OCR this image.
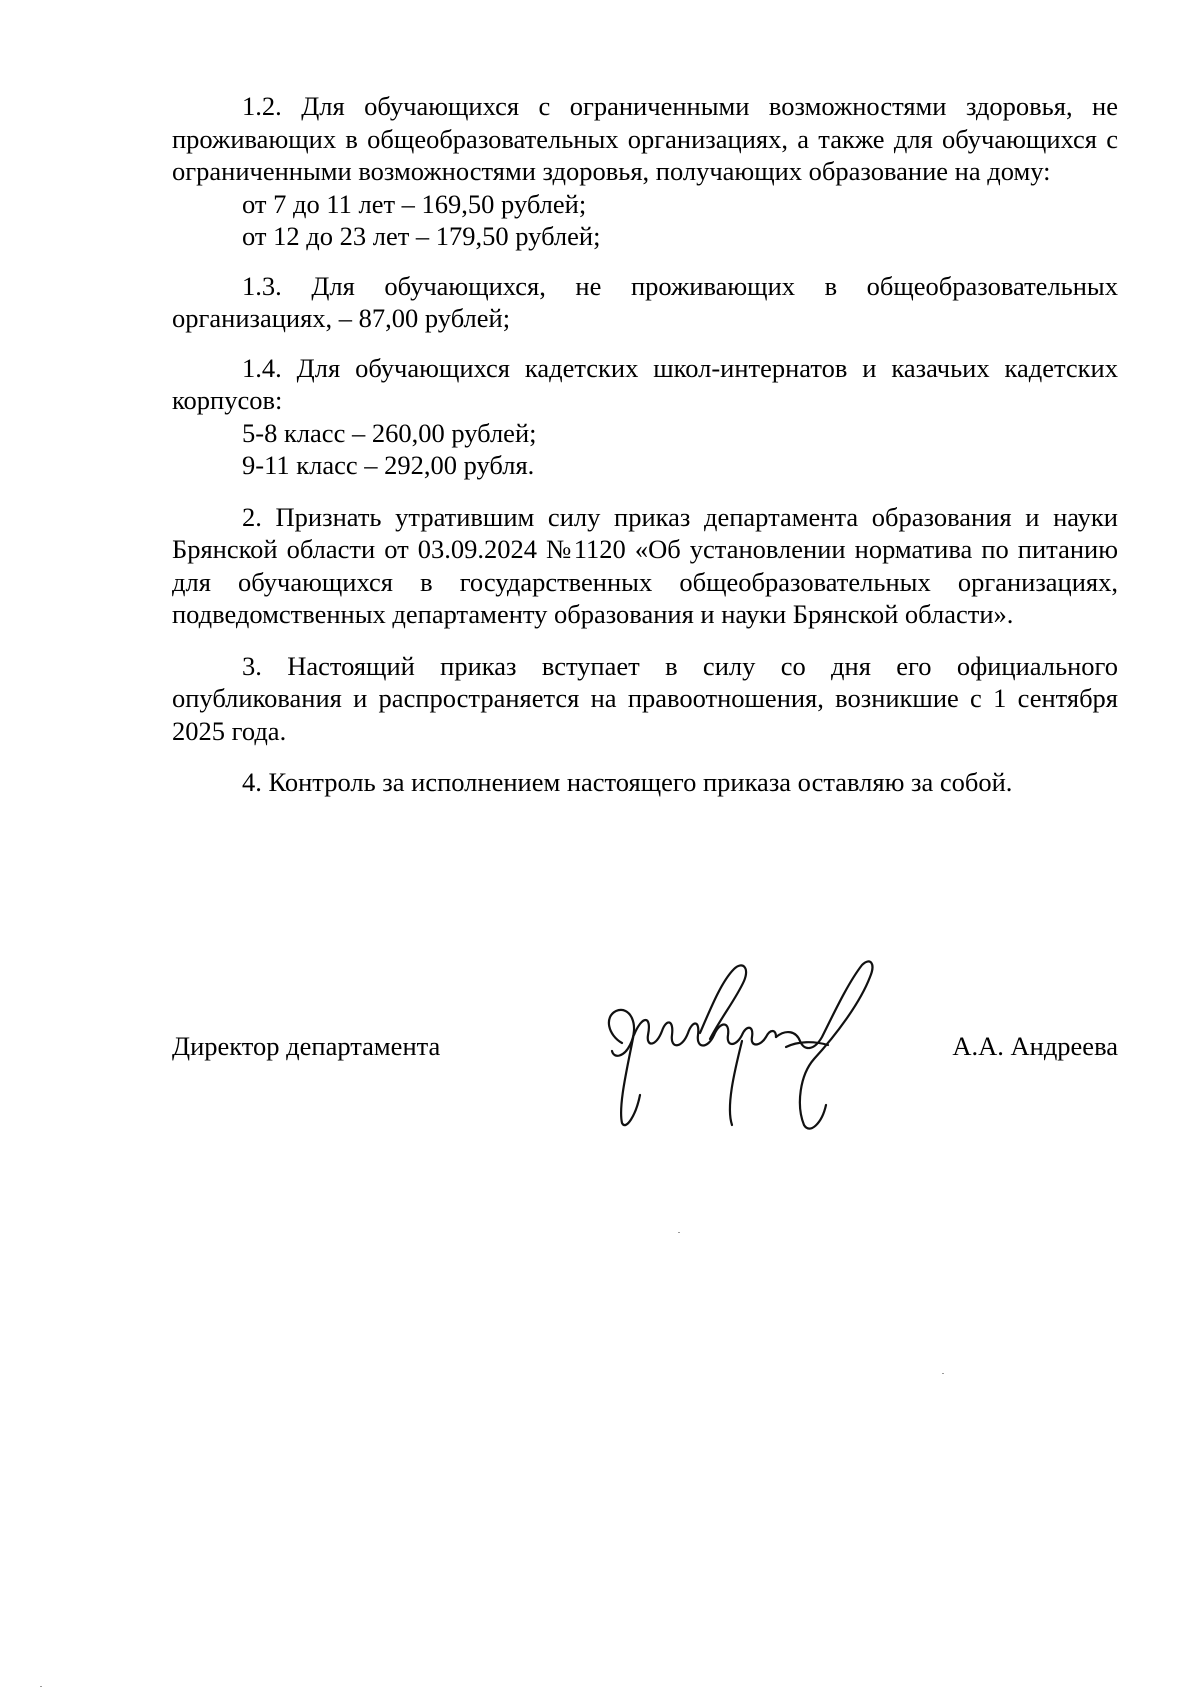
1.2. Для обучающихся с ограниченными возможностями здоровья, не проживающих в общеобразовательных организациях, а также для обучающихся с ограниченными возможностями здоровья, получающих образование на дому:

от 7 до 11 лет – 169,50 рублей;

от 12 до 23 лет – 179,50 рублей;

1.3. Для обучающихся, не проживающих в общеобразовательных организациях, – 87,00 рублей;

1.4. Для обучающихся кадетских школ-интернатов и казачьих кадетских корпусов:

5-8 класс – 260,00 рублей;

9-11 класс – 292,00 рубля.

2. Признать утратившим силу приказ департамента образования и науки Брянской области от 03.09.2024 №1120 «Об установлении норматива по питанию для обучающихся в государственных общеобразовательных организациях, подведомственных департаменту образования и науки Брянской области».

3. Настоящий приказ вступает в силу со дня его официального опубликования и распространяется на правоотношения, возникшие с 1 сентября 2025 года.

4. Контроль за исполнением настоящего приказа оставляю за собой.

Директор департамента	А.А. Андреева
